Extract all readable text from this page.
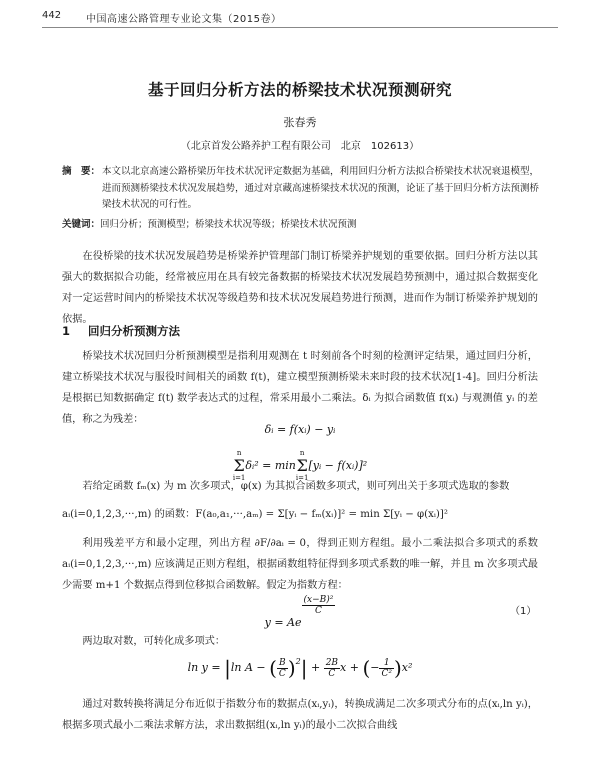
442 中国高速公路管理专业论文集（2015卷）
基于回归分析方法的桥梁技术状况预测研究
张春秀
（北京首发公路养护工程有限公司　北京　102613）
摘　要： 本文以北京高速公路桥梁历年技术状况评定数据为基础，利用回归分析方法拟合桥梁技术状况衰退模型，进而预测桥梁技术状况发展趋势，通过对京藏高速桥梁技术状况的预测，论证了基于回归分析方法预测桥梁技术状况的可行性。
关键词：回归分析；预测模型；桥梁技术状况等级；桥梁技术状况预测
在役桥梁的技术状况发展趋势是桥梁养护管理部门制订桥梁养护规划的重要依据。回归分析方法以其强大的数据拟合功能，经常被应用在具有较完备数据的桥梁技术状况发展趋势预测中，通过拟合数据变化对一定运营时间内的桥梁技术状况等级趋势和技术状况发展趋势进行预测，进而作为制订桥梁养护规划的依据。
1 回归分析预测方法
桥梁技术状况回归分析预测模型是指利用观测在 t 时刻前各个时刻的检测评定结果，通过回归分析，建立桥梁技术状况与服役时间相关的函数 f(t)，建立模型预测桥梁未来时段的技术状况[1-4]。回归分析法是根据已知数据确定 f(t) 数学表达式的过程，常采用最小二乘法。δᵢ 为拟合函数值 f(xᵢ) 与观测值 yᵢ 的差值，称之为残差：
δᵢ = f(xᵢ) − yᵢ
n
Σ
i=1
δᵢ² = min
n
Σ
i=1
[yᵢ − f(xᵢ)]²
若给定函数 fₘ(x) 为 m 次多项式，φ(x) 为其拟合函数多项式，则可列出关于多项式选取的参数
aᵢ(i=0,1,2,3,···,m) 的函数：F(a₀,a₁,···,aₘ) = Σ[yᵢ − fₘ(xᵢ)]² = min Σ[yᵢ − φ(xᵢ)]²
利用残差平方和最小定理，列出方程 ∂F/∂aᵢ = 0，得到正则方程组。最小二乘法拟合多项式的系数 aᵢ(i=0,1,2,3,···,m) 应该满足正则方程组，根据函数组特征得到多项式系数的唯一解，并且 m 次多项式最少需要 m+1 个数据点得到位移拟合函数解。假定为指数方程：
y = Ae
$^{\frac{\text{(x−B)²}}{C}}$	（1）
两边取对数，可转化成多项式：
ln y = |ln A − ( $\frac{B}{C} )^2| + \frac{2B}{C}$ x + (− $\frac{1}{\text{C²}} )x^2$
通过对数转换将满足分布近似于指数分布的数据点(xᵢ,yᵢ)，转换成满足二次多项式分布的点(xᵢ,ln yᵢ)，根据多项式最小二乘法求解方法，求出数据组(xᵢ,ln yᵢ)的最小二次拟合曲线
